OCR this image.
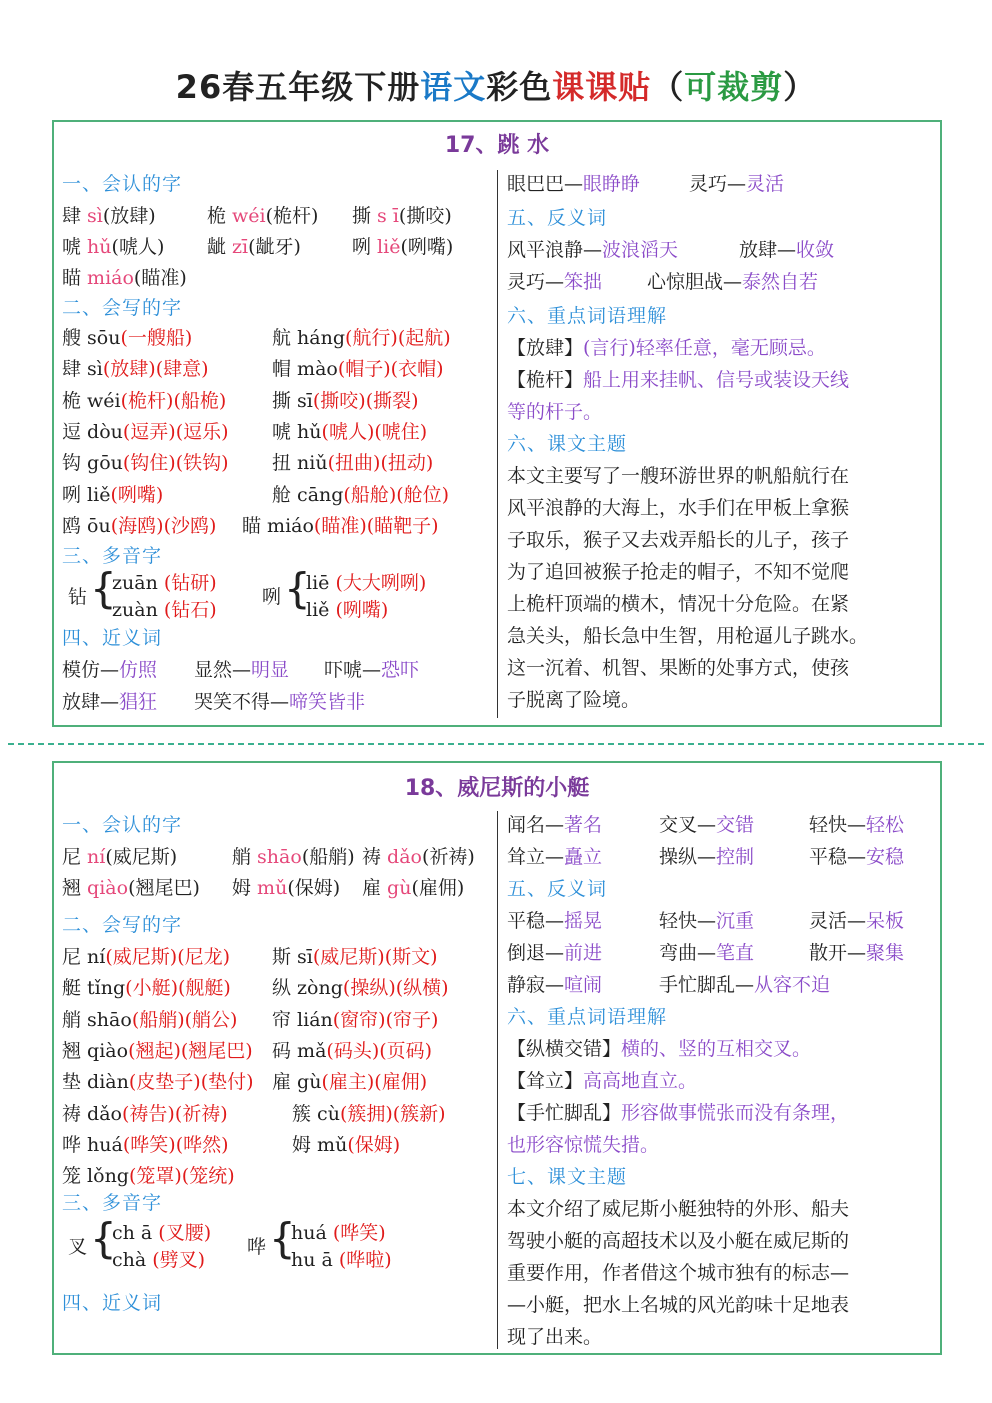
26春五年级下册语文彩色课课贴（可裁剪）
17、跳 水
一、会认的字
肆 sì(放肆)	桅 wéi(桅杆) 撕 s ī(撕咬)
唬 hǔ(唬人) 龇 zī(龇牙)	咧 liě(咧嘴)
瞄 miáo(瞄准)
二、会写的字
艘 sōu(一艘船)	航 háng(航行)(起航)
肆 sì(放肆)(肆意)	帽 mào(帽子)(衣帽)
桅 wéi(桅杆)(船桅) 撕 sī(撕咬)(撕裂)
逗 dòu(逗弄)(逗乐) 唬 hǔ(唬人)(唬住)
钩 gōu(钩住)(铁钩) 扭 niǔ(扭曲)(扭动)
咧 liě(咧嘴)	舱 cāng(船舱)(舱位)
鸥 ōu(海鸥)(沙鸥) 瞄 miáo(瞄准)(瞄靶子)
三、多音字
钻 {
zuān (钻研)
zuàn (钻石)
咧 {
liē (大大咧咧)
liě (咧嘴)
四、近义词
模仿—仿照 显然—明显 吓唬—恐吓
放肆—猖狂 哭笑不得—啼笑皆非
眼巴巴—眼睁睁	灵巧—灵活
五、反义词
风平浪静—波浪滔天	放肆—收敛
灵巧—笨拙 心惊胆战—泰然自若
六、重点词语理解
【放肆】(言行)轻率任意，毫无顾忌。
【桅杆】船上用来挂帆、信号或装设天线
等的杆子。
六、课文主题
本文主要写了一艘环游世界的帆船航行在
风平浪静的大海上，水手们在甲板上拿猴
子取乐，猴子又去戏弄船长的儿子，孩子
为了追回被猴子抢走的帽子，不知不觉爬
上桅杆顶端的横木，情况十分危险。在紧
急关头，船长急中生智，用枪逼儿子跳水。
这一沉着、机智、果断的处事方式，使孩
子脱离了险境。
18、威尼斯的小艇
一、会认的字
尼 ní(威尼斯)	艄 shāo(船艄) 祷 dǎo(祈祷)
翘 qiào(翘尾巴) 姆 mǔ(保姆) 雇 gù(雇佣)
二、会写的字
尼 ní(威尼斯)(尼龙) 斯 sī(威尼斯)(斯文)
艇 tǐng(小艇)(舰艇) 纵 zòng(操纵)(纵横)
艄 shāo(船艄)(艄公) 帘 lián(窗帘)(帘子)
翘 qiào(翘起)(翘尾巴) 码 mǎ(码头)(页码)
垫 diàn(皮垫子)(垫付) 雇 gù(雇主)(雇佣)
祷 dǎo(祷告)(祈祷)	簇 cù(簇拥)(簇新)
哗 huá(哗笑)(哗然)	姆 mǔ(保姆)
笼 lǒng(笼罩)(笼统)
三、多音字
叉 {
ch ā (叉腰)
chà (劈叉)
哗 {
huá (哗笑)
hu ā (哗啦)
四、近义词
闻名—著名	交叉—交错	轻快—轻松
耸立—矗立	操纵—控制	平稳—安稳
五、反义词
平稳—摇晃	轻快—沉重	灵活—呆板
倒退—前进	弯曲—笔直	散开—聚集
静寂—喧闹	手忙脚乱—从容不迫
六、重点词语理解
【纵横交错】横的、竖的互相交叉。
【耸立】高高地直立。
【手忙脚乱】形容做事慌张而没有条理，
也形容惊慌失措。
七、课文主题
本文介绍了威尼斯小艇独特的外形、船夫
驾驶小艇的高超技术以及小艇在威尼斯的
重要作用，作者借这个城市独有的标志—
—小艇，把水上名城的风光韵味十足地表
现了出来。
